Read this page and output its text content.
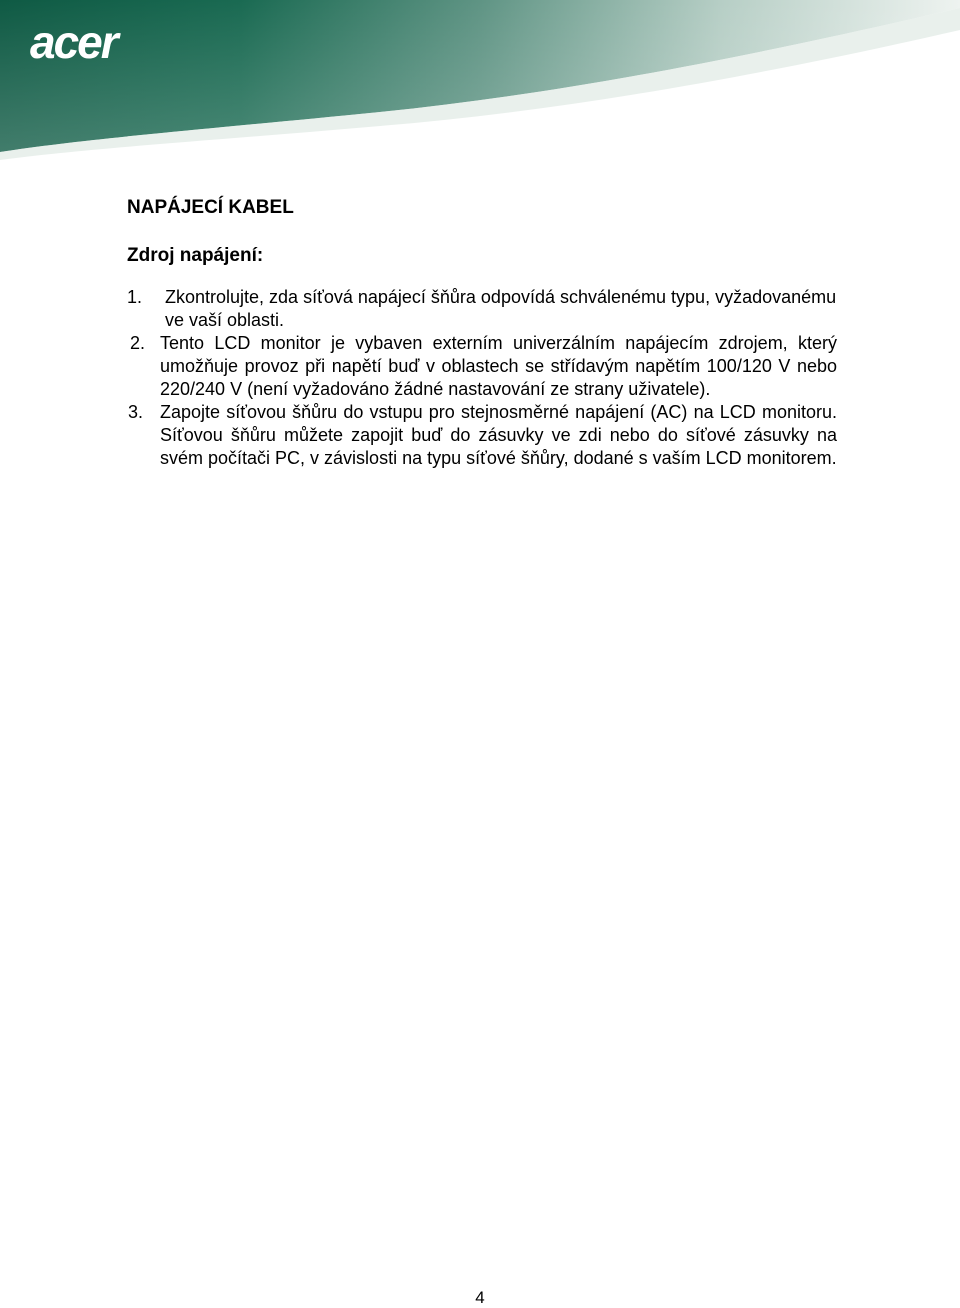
acer
NAPÁJECÍ KABEL
Zdroj napájení:
1. Zkontrolujte, zda síťová napájecí šňůra odpovídá schválenému typu, vyžadovanému ve vaší oblasti.
2. Tento LCD monitor je vybaven externím univerzálním napájecím zdrojem, který umožňuje provoz při napětí buď v oblastech se střídavým napětím 100/120 V nebo 220/240 V (není vyžadováno žádné nastavování ze strany uživatele).
3. Zapojte síťovou šňůru do vstupu pro stejnosměrné napájení (AC) na LCD monitoru. Síťovou šňůru můžete zapojit buď do zásuvky ve zdi nebo do síťové zásuvky na svém počítači PC, v závislosti na typu síťové šňůry, dodané s vaším LCD monitorem.
4
